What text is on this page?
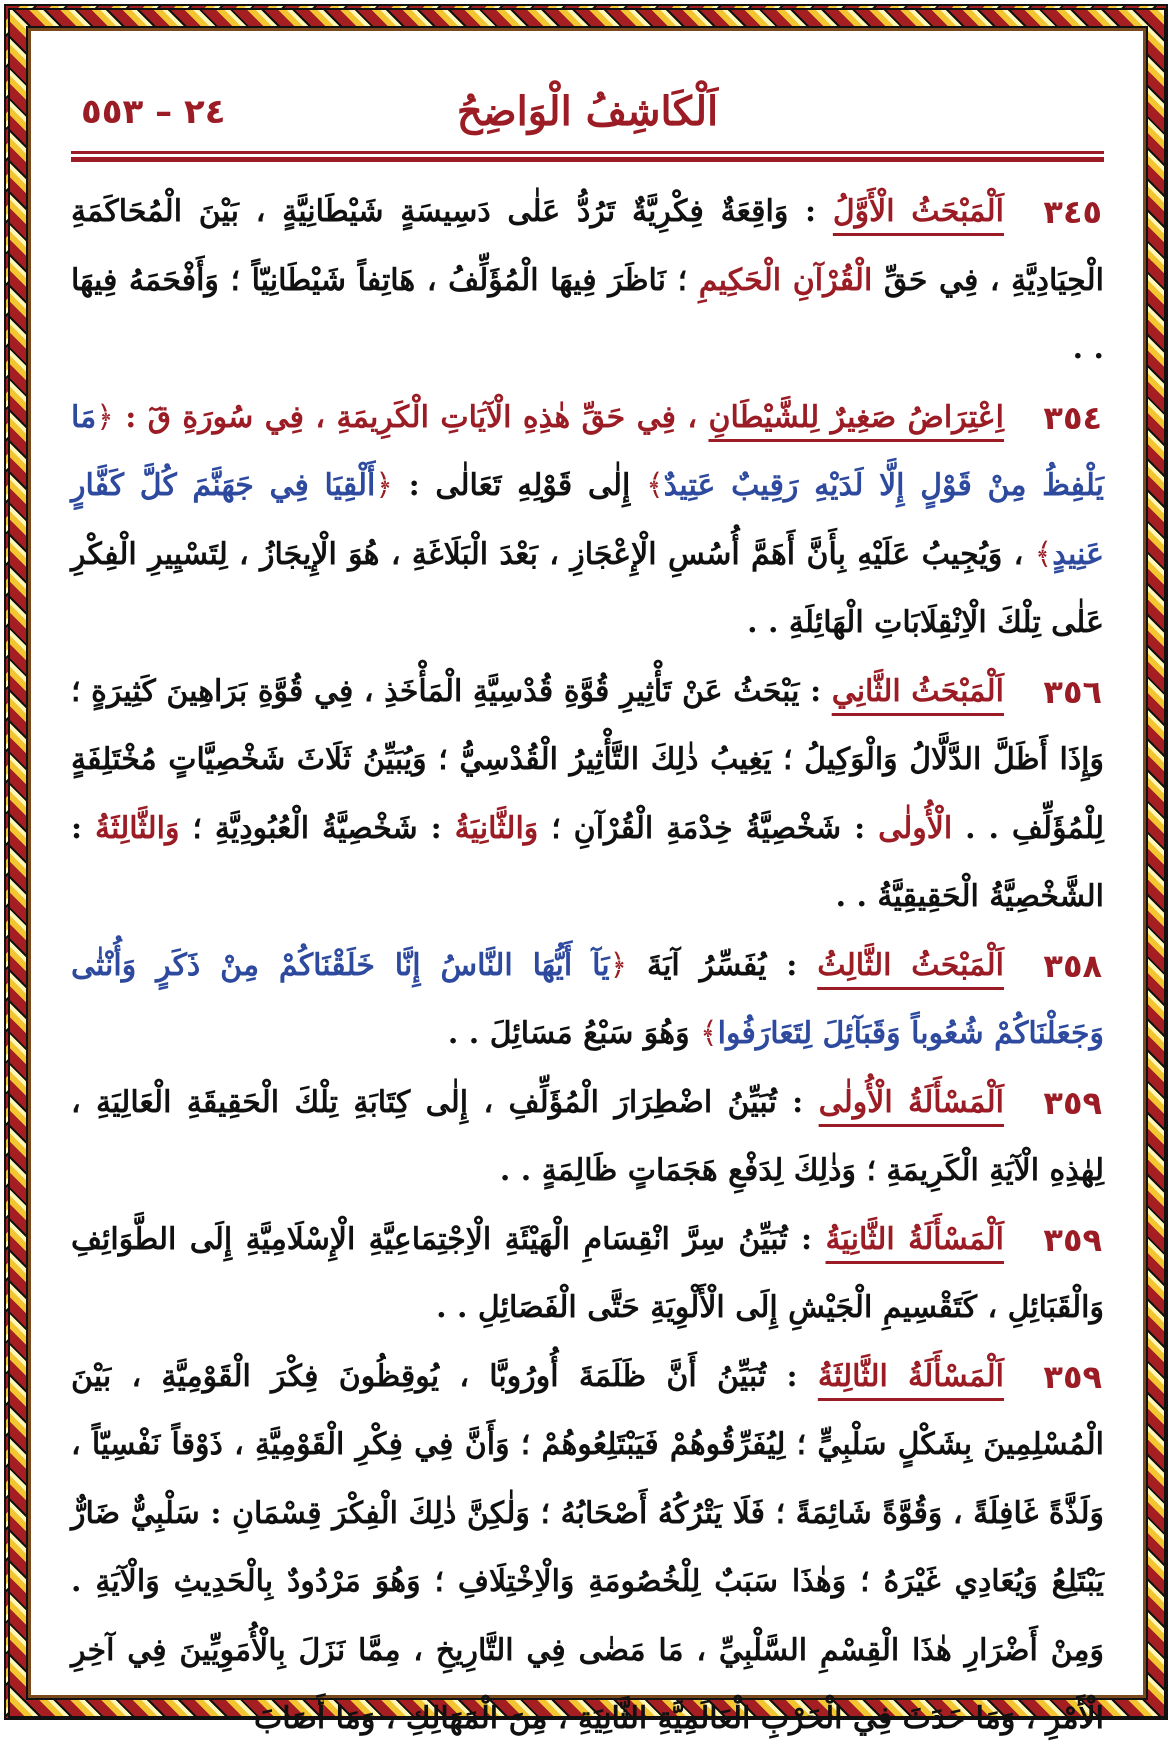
اَلْكَاشِفُ الْوَاضِحُ
٢٤ – ٥٥٣
٣٤٥
اَلْمَبْحَثُ الْأَوَّلُ : وَاقِعَةٌ فِكْرِيَّةٌ تَرُدُّ عَلٰى دَسِيسَةٍ شَيْطَانِيَّةٍ ، بَيْنَ الْمُحَاكَمَةِ الْحِيَادِيَّةِ ، فِي حَقِّ الْقُرْآنِ الْحَكِيمِ ؛ نَاظَرَ فِيهَا الْمُؤَلِّفُ ، هَاتِفاً شَيْطَانِيّاً ؛ وَأَفْحَمَهُ فِيهَا . .
٣٥٤
اِعْتِرَاضُ صَغِيرٌ لِلشَّيْطَانِ ، فِي حَقِّ هٰذِهِ الْآيَاتِ الْكَرِيمَةِ ، فِي سُورَةِ قٓ : ﴿مَا يَلْفِظُ مِنْ قَوْلٍ إِلَّا لَدَيْهِ رَقِيبٌ عَتِيدٌ﴾ إِلٰى قَوْلِهِ تَعَالٰى : ﴿أَلْقِيَا فِي جَهَنَّمَ كُلَّ كَفَّارٍ عَنِيدٍ﴾ ، وَيُجِيبُ عَلَيْهِ بِأَنَّ أَهَمَّ أُسُسِ الْإِعْجَازِ ، بَعْدَ الْبَلَاغَةِ ، هُوَ الْإِيجَازُ ، لِتَسْيِيرِ الْفِكْرِ عَلٰى تِلْكَ الْاِنْقِلَابَاتِ الْهَائِلَةِ . .
٣٥٦
اَلْمَبْحَثُ الثَّانِي : يَبْحَثُ عَنْ تَأْثِيرِ قُوَّةِ قُدْسِيَّةِ الْمَأْخَذِ ، فِي قُوَّةِ بَرَاهِينَ كَثِيرَةٍ ؛ وَإِذَا أَظَلَّ الدَّلَّالُ وَالْوَكِيلُ ؛ يَغِيبُ ذٰلِكَ التَّأْثِيرُ الْقُدْسِيُّ ؛ وَيُبَيِّنُ ثَلَاثَ شَخْصِيَّاتٍ مُخْتَلِفَةٍ لِلْمُؤَلِّفِ . . الْأُولٰى : شَخْصِيَّةُ خِدْمَةِ الْقُرْآنِ ؛ وَالثَّانِيَةُ : شَخْصِيَّةُ الْعُبُودِيَّةِ ؛ وَالثَّالِثَةُ : الشَّخْصِيَّةُ الْحَقِيقِيَّةُ . .
٣٥٨
اَلْمَبْحَثُ الثَّالِثُ : يُفَسِّرُ آيَةَ ﴿يَآ أَيُّهَا النَّاسُ إِنَّا خَلَقْنَاكُمْ مِنْ ذَكَرٍ وَأُنْثٰى وَجَعَلْنَاكُمْ شُعُوباً وَقَبَآئِلَ لِتَعَارَفُوا﴾ وَهُوَ سَبْعُ مَسَائِلَ . .
٣٥٩
اَلْمَسْأَلَةُ الْأُولٰى : تُبَيِّنُ اضْطِرَارَ الْمُؤَلِّفِ ، إِلٰى كِتَابَةِ تِلْكَ الْحَقِيقَةِ الْعَالِيَةِ ، لِهٰذِهِ الْآيَةِ الْكَرِيمَةِ ؛ وَذٰلِكَ لِدَفْعِ هَجَمَاتٍ ظَالِمَةٍ . .
٣٥٩
اَلْمَسْأَلَةُ الثَّانِيَةُ : تُبَيِّنُ سِرَّ انْقِسَامِ الْهَيْئَةِ الْاِجْتِمَاعِيَّةِ الْإِسْلَامِيَّةِ إِلَى الطَّوَائِفِ وَالْقَبَائِلِ ، كَتَقْسِيمِ الْجَيْشِ إِلَى الْأَلْوِيَةِ حَتَّى الْفَصَائِلِ . .
٣٥٩
اَلْمَسْأَلَةُ الثَّالِثَةُ : تُبَيِّنُ أَنَّ ظَلَمَةَ أُورُوبَّا ، يُوقِظُونَ فِكْرَ الْقَوْمِيَّةِ ، بَيْنَ الْمُسْلِمِينَ بِشَكْلٍ سَلْبِيٍّ ؛ لِيُفَرِّقُوهُمْ فَيَبْتَلِعُوهُمْ ؛ وَأَنَّ فِي فِكْرِ الْقَوْمِيَّةِ ، ذَوْقاً نَفْسِيّاً ، وَلَذَّةً غَافِلَةً ، وَقُوَّةً شَائِمَةً ؛ فَلَا يَتْرُكُهُ أَصْحَابُهُ ؛ وَلٰكِنَّ ذٰلِكَ الْفِكْرَ قِسْمَانِ : سَلْبِيٌّ ضَارٌّ يَبْتَلِعُ وَيُعَادِي غَيْرَهُ ؛ وَهٰذَا سَبَبٌ لِلْخُصُومَةِ وَالْاِخْتِلَافِ ؛ وَهُوَ مَرْدُودٌ بِالْحَدِيثِ وَالْآيَةِ . وَمِنْ أَضْرَارِ هٰذَا الْقِسْمِ السَّلْبِيِّ ، مَا مَضٰى فِي التَّارِيخِ ، مِمَّا نَزَلَ بِالْأُمَوِيِّينَ فِي آخِرِ الْأَمْرِ ، وَمَا حَدَثَ فِي الْحَرْبِ الْعَالَمِيَّةِ الثَّانِيَةِ ، مِنَ الْمَهَالِكِ ، وَمَا أَصَابَ
